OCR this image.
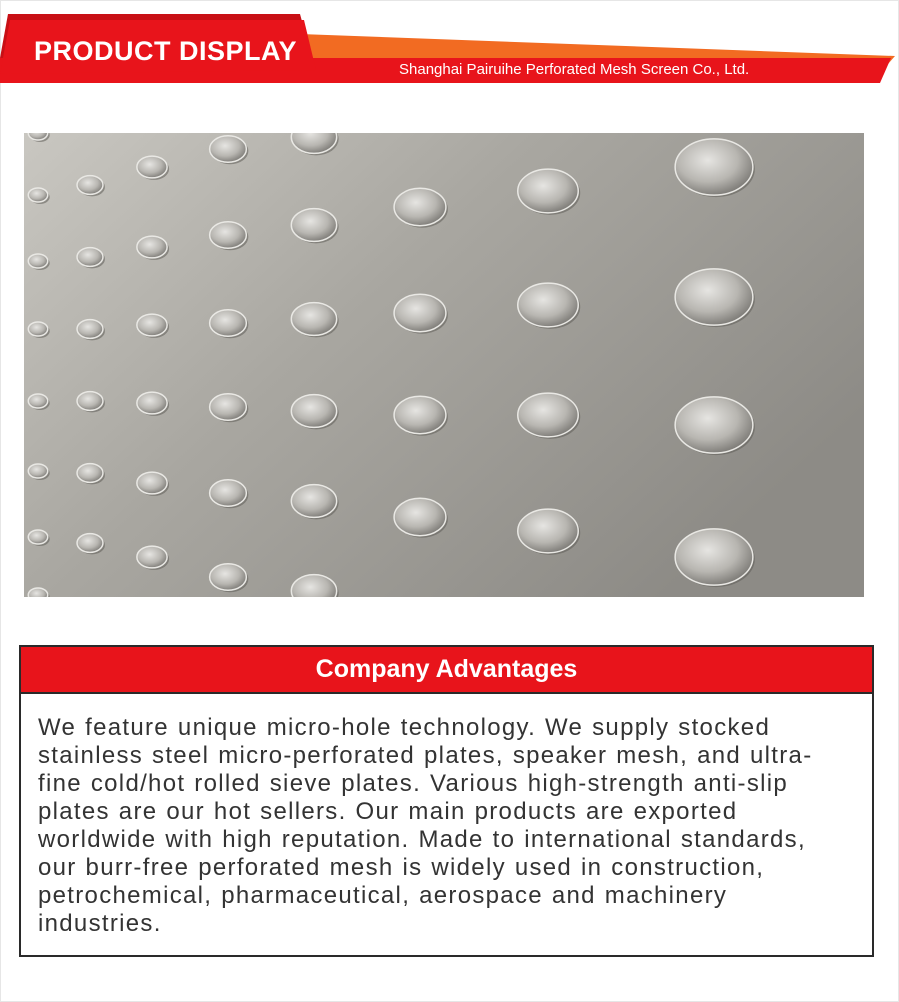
PRODUCT DISPLAY
Shanghai Pairuihe Perforated Mesh Screen Co., Ltd.
Company Advantages
We feature unique micro-hole technology. We supply stocked stainless steel micro-perforated plates, speaker mesh, and ultra-fine cold/hot rolled sieve plates. Various high-strength anti-slip plates are our hot sellers. Our main products are exported worldwide with high reputation. Made to international standards, our burr-free perforated mesh is widely used in construction, petrochemical, pharmaceutical, aerospace and machinery industries.
